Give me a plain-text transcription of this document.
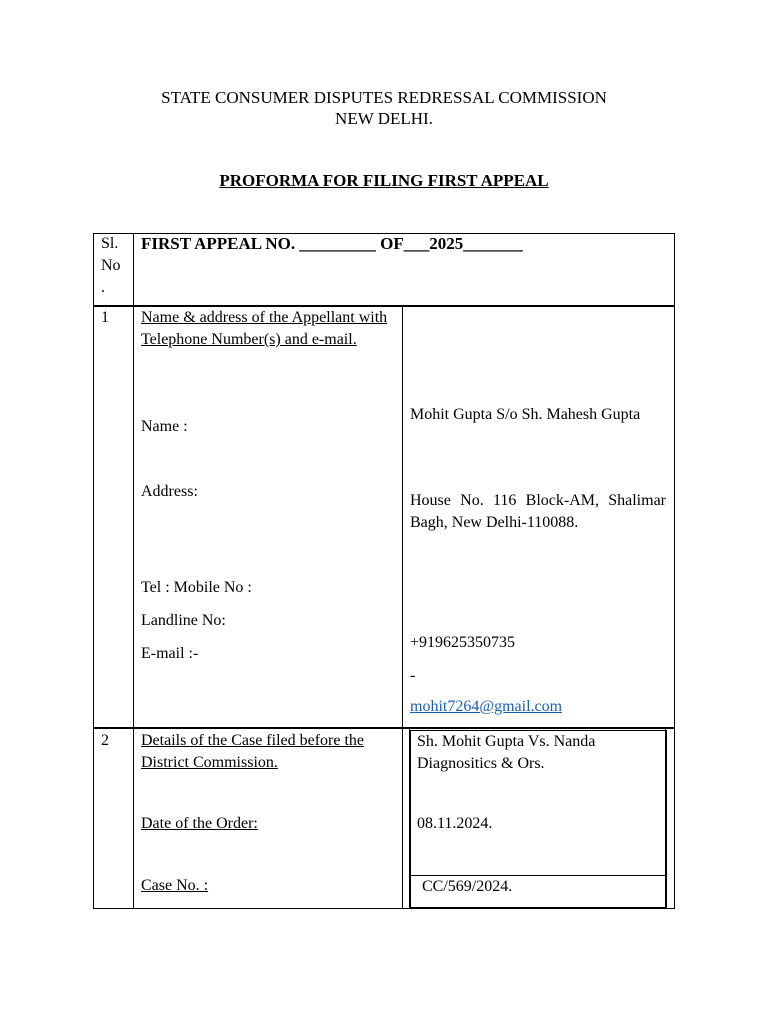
STATE CONSUMER DISPUTES REDRESSAL COMMISSION
NEW DELHI.
PROFORMA FOR FILING FIRST APPEAL
Sl.
No
.
FIRST APPEAL NO. _________ OF___2025_______
1 Name & address of the Appellant with Telephone Number(s) and e-mail.
Name :
Address:
Tel : Mobile No :
Landline No:
E-mail :-
Mohit Gupta S/o Sh. Mahesh Gupta
House No. 116 Block-AM, Shalimar Bagh, New Delhi-110088.
+919625350735
-
mohit7264@gmail.com
2 Details of the Case filed before the District Commission.
Date of the Order:
Case No. :
Sh. Mohit Gupta Vs. Nanda Diagnositics & Ors.
08.11.2024.
CC/569/2024.
